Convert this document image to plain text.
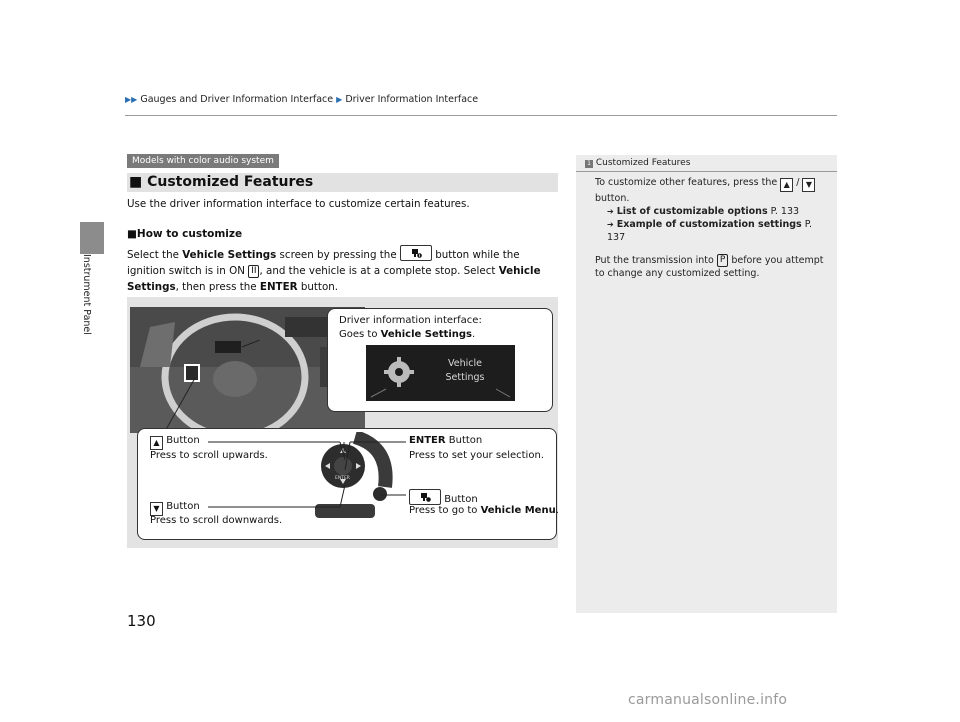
▶▶ Gauges and Driver Information Interface ▶ Driver Information Interface
Instrument Panel
Models with color audio system
■ Customized Features
Use the driver information interface to customize certain features.
■How to customize
Select the Vehicle Settings screen by pressing the	button while the ignition switch is in ON II , and the vehicle is at a complete stop. Select Vehicle Settings, then press the ENTER button.
Driver information interface:
Goes to Vehicle Settings.
Vehicle
Settings
ENTER
▲ Button
Press to scroll upwards.
▼ Button
Press to scroll downwards.
ENTER Button
Press to set your selection.
Button
Press to go to Vehicle Menu.
130
1 Customized Features
To customize other features, press the ▲ / ▼
button.
➔ List of customizable options P. 133
➔ Example of customization settings P. 137
Put the transmission into P before you attempt to change any customized setting.
carmanualsonline.info
